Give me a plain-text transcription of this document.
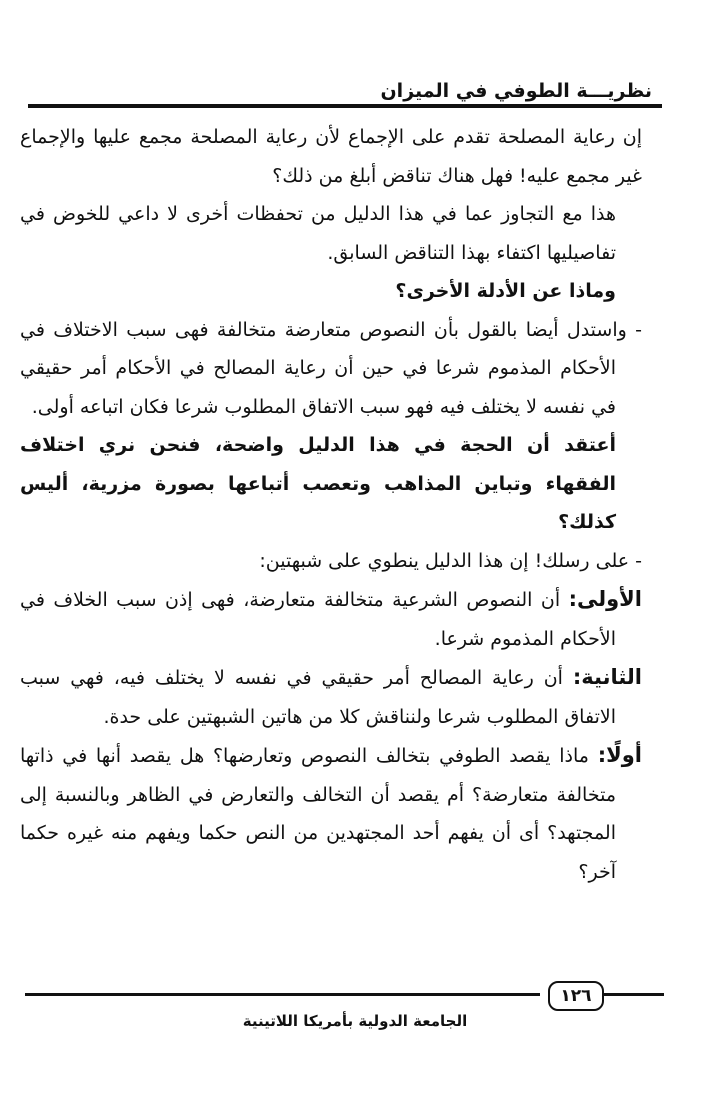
نظريـــة الطوفي في الميزان

إن رعاية المصلحة تقدم على الإجماع لأن رعاية المصلحة مجمع عليها والإجماع غير مجمع عليه! فهل هناك تناقض أبلغ من ذلك؟

هذا مع التجاوز عما في هذا الدليل من تحفظات أخرى لا داعي للخوض في تفاصيليها اكتفاء بهذا التناقض السابق.

وماذا عن الأدلة الأخرى؟

- واستدل أيضا بالقول بأن النصوص متعارضة متخالفة فهى سبب الاختلاف في الأحكام المذموم شرعا في حين أن رعاية المصالح في الأحكام أمر حقيقي في نفسه لا يختلف فيه فهو سبب الاتفاق المطلوب شرعا فكان اتباعه أولى.

أعتقد أن الحجة في هذا الدليل واضحة، فنحن نري اختلاف الفقهاء وتباين المذاهب وتعصب أتباعها بصورة مزرية، أليس كذلك؟

- على رسلك! إن هذا الدليل ينطوي على شبهتين:

الأولى: أن النصوص الشرعية متخالفة متعارضة، فهى إذن سبب الخلاف في الأحكام المذموم شرعا.

الثانية: أن رعاية المصالح أمر حقيقي في نفسه لا يختلف فيه، فهي سبب الاتفاق المطلوب شرعا ولنناقش كلا من هاتين الشبهتين على حدة.

أولًا: ماذا يقصد الطوفي بتخالف النصوص وتعارضها؟ هل يقصد أنها في ذاتها متخالفة متعارضة؟ أم يقصد أن التخالف والتعارض في الظاهر وبالنسبة إلى المجتهد؟ أى أن يفهم أحد المجتهدين من النص حكما ويفهم منه غيره حكما آخر؟

١٢٦
الجامعة الدولية بأمريكا اللاتينية
